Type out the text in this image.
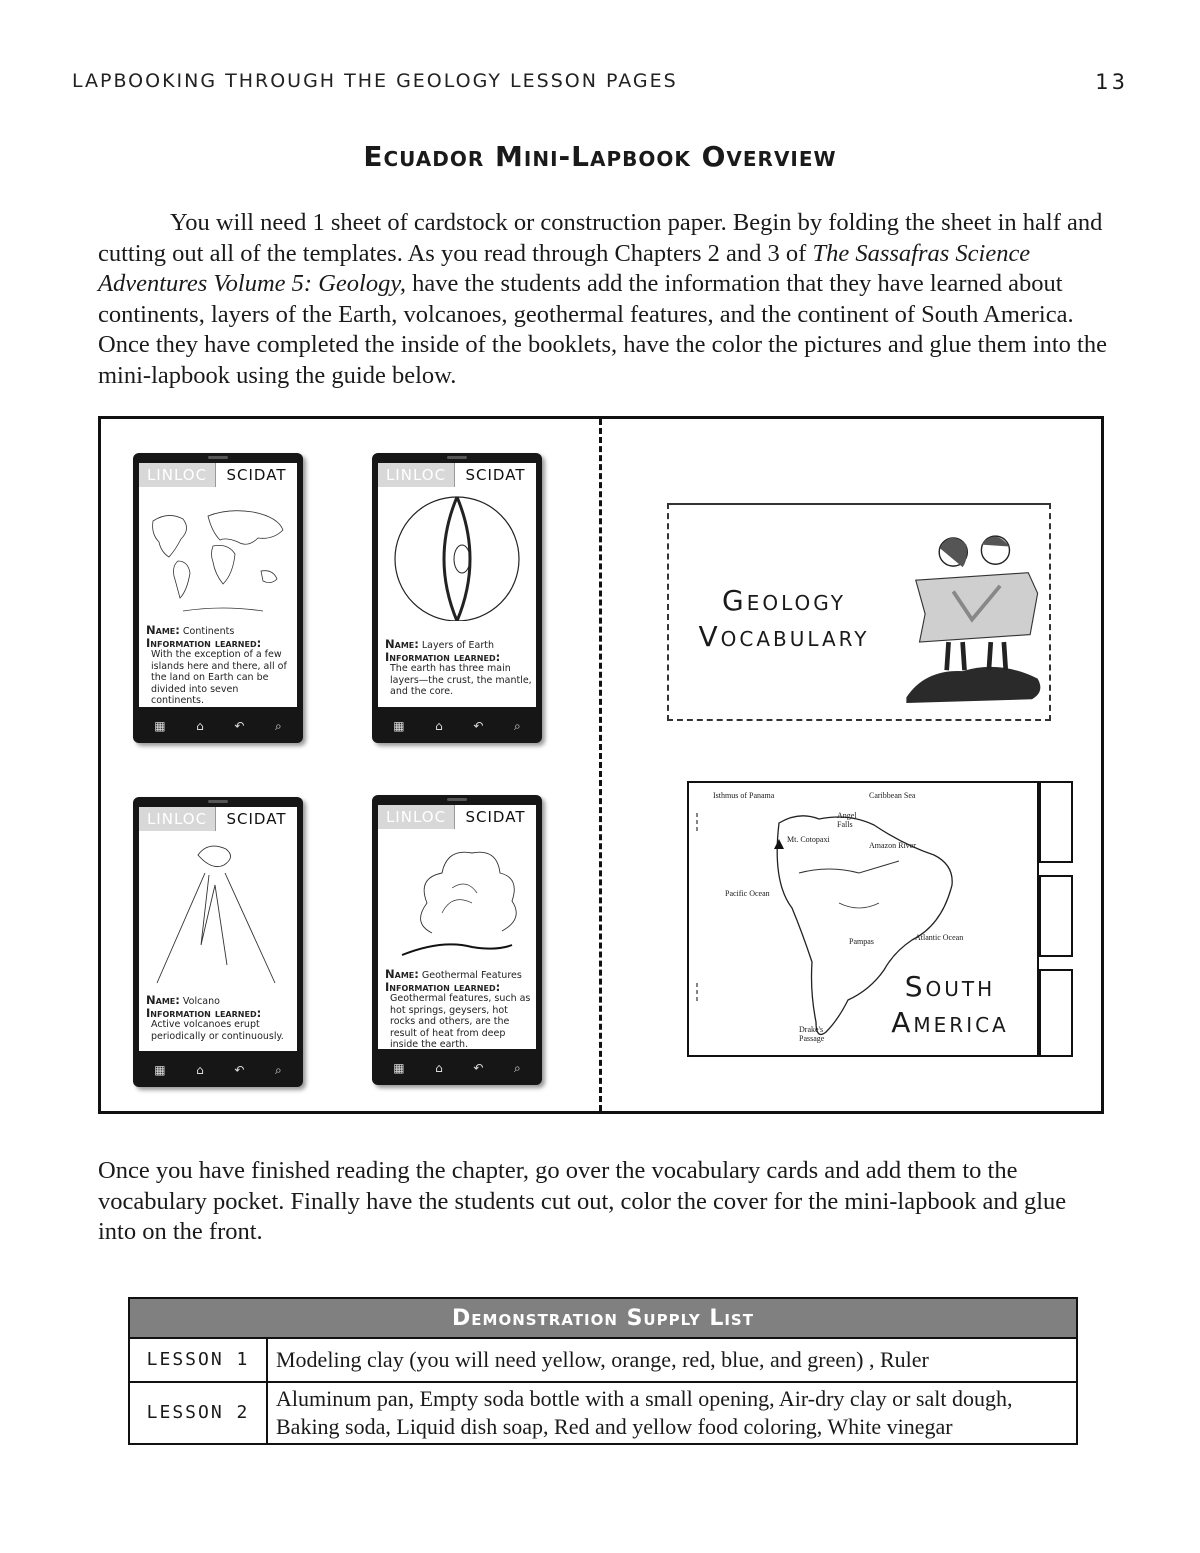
LAPBOOKING THROUGH THE GEOLOGY LESSON PAGES	13
Ecuador Mini-Lapbook Overview
You will need 1 sheet of cardstock or construction paper. Begin by folding the sheet in half and cutting out all of the templates. As you read through Chapters 2 and 3 of The Sassafras Science Adventures Volume 5: Geology, have the students add the information that they have learned about continents, layers of the Earth, volcanoes, geothermal features, and the continent of South America. Once they have completed the inside of the booklets, have the color the pictures and glue them into the mini-lapbook using the guide below.
LINLOC	SCIDAT
Name: Continents
Information learned:
With the exception of a few islands here and there, all of the land on Earth can be divided into seven continents.
▦	⌂	↶	⌕
LINLOC	SCIDAT
Name: Layers of Earth
Information learned:
The earth has three main layers—the crust, the mantle, and the core.
▦	⌂	↶	⌕
LINLOC	SCIDAT
Name: Volcano
Information learned:
Active volcanoes erupt periodically or continuously.
▦	⌂	↶	⌕
LINLOC	SCIDAT
Name: Geothermal Features
Information learned:
Geothermal features, such as hot springs, geysers, hot rocks and others, are the result of heat from deep inside the earth.
▦	⌂	↶	⌕
Geology
Vocabulary
Isthmus of Panama	Caribbean Sea
Angel Falls
Mt. Cotopaxi
Amazon River
Pacific Ocean
Atlantic Ocean
Pampas
Drake's Passage
South
America
Once you have finished reading the chapter, go over the vocabulary cards and add them to the vocabulary pocket. Finally have the students cut out, color the cover for the mini-lapbook and glue into on the front.
Demonstration Supply List	
LESSON 1	Modeling clay (you will need yellow, orange, red, blue, and green) , Ruler
LESSON 2	Aluminum pan, Empty soda bottle with a small opening, Air-dry clay or salt dough, Baking soda, Liquid dish soap, Red and yellow food coloring, White vinegar
